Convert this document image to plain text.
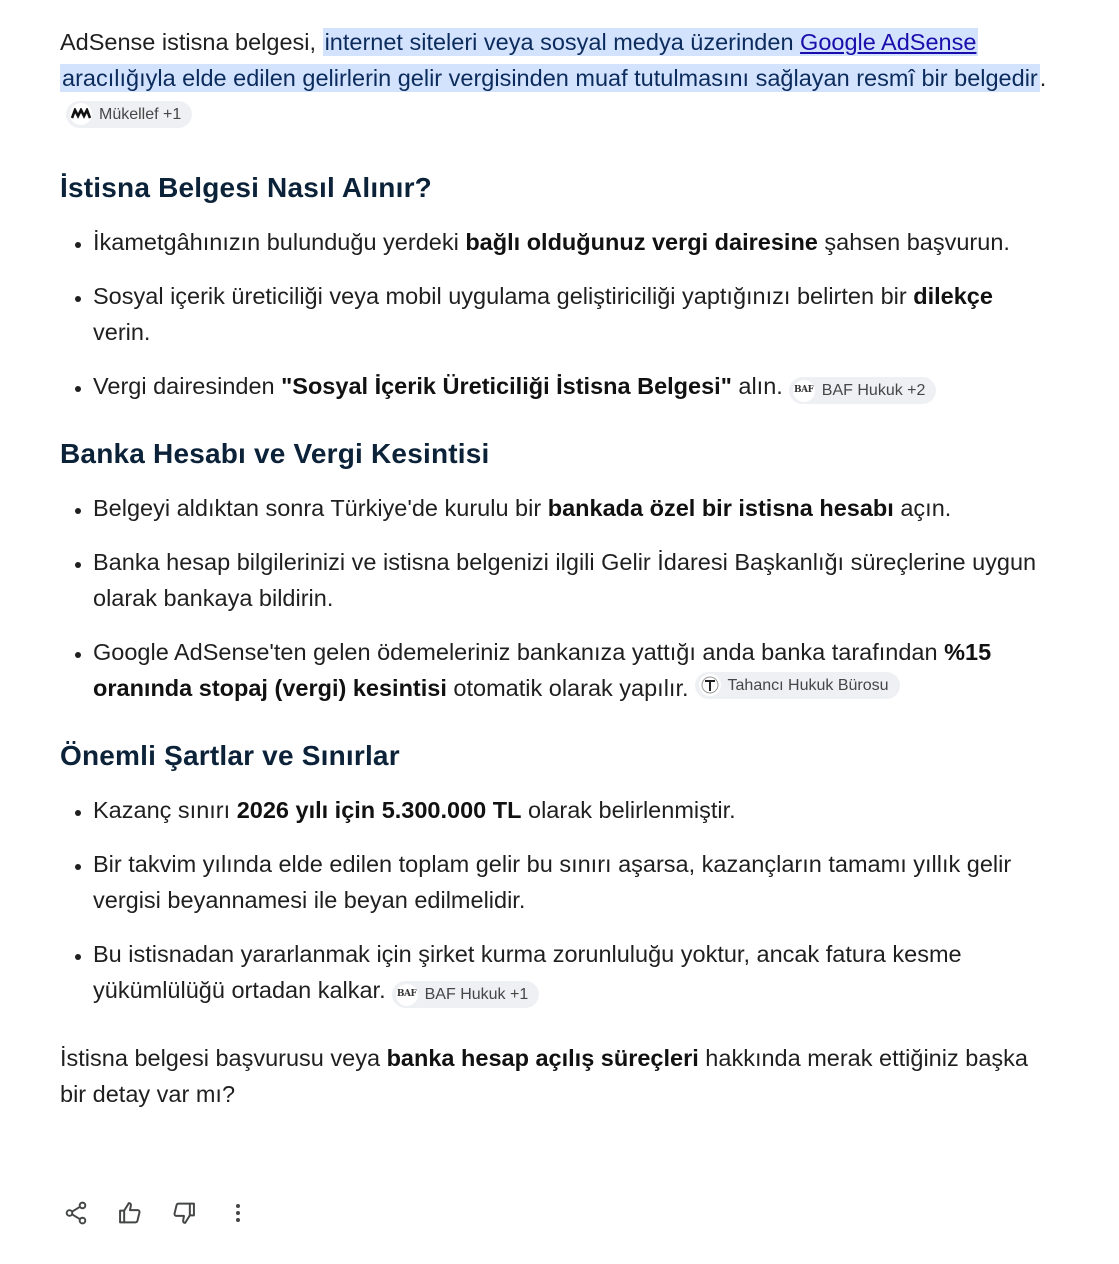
AdSense istisna belgesi, internet siteleri veya sosyal medya üzerinden Google AdSense aracılığıyla elde edilen gelirlerin gelir vergisinden muaf tutulmasını sağlayan resmî bir belgedir.
Mükellef +1

İstisna Belgesi Nasıl Alınır?
• İkametgâhınızın bulunduğu yerdeki bağlı olduğunuz vergi dairesine şahsen başvurun.
• Sosyal içerik üreticiliği veya mobil uygulama geliştiriciliği yaptığınızı belirten bir dilekçe verin.
• Vergi dairesinden "Sosyal İçerik Üreticiliği İstisna Belgesi" alın. BAF BAF Hukuk +2
Banka Hesabı ve Vergi Kesintisi
• Belgeyi aldıktan sonra Türkiye'de kurulu bir bankada özel bir istisna hesabı açın.
• Banka hesap bilgilerinizi ve istisna belgenizi ilgili Gelir İdaresi Başkanlığı süreçlerine uygun olarak bankaya bildirin.
• Google AdSense'ten gelen ödemeleriniz bankanıza yattığı anda banka tarafından %15 oranında stopaj (vergi) kesintisi otomatik olarak yapılır. Tahancı Hukuk Bürosu
Önemli Şartlar ve Sınırlar
• Kazanç sınırı 2026 yılı için 5.300.000 TL olarak belirlenmiştir.
• Bir takvim yılında elde edilen toplam gelir bu sınırı aşarsa, kazançların tamamı yıllık gelir vergisi beyannamesi ile beyan edilmelidir.
• Bu istisnadan yararlanmak için şirket kurma zorunluluğu yoktur, ancak fatura kesme yükümlülüğü ortadan kalkar. BAF BAF Hukuk +1

İstisna belgesi başvurusu veya banka hesap açılış süreçleri hakkında merak ettiğiniz başka bir detay var mı?
